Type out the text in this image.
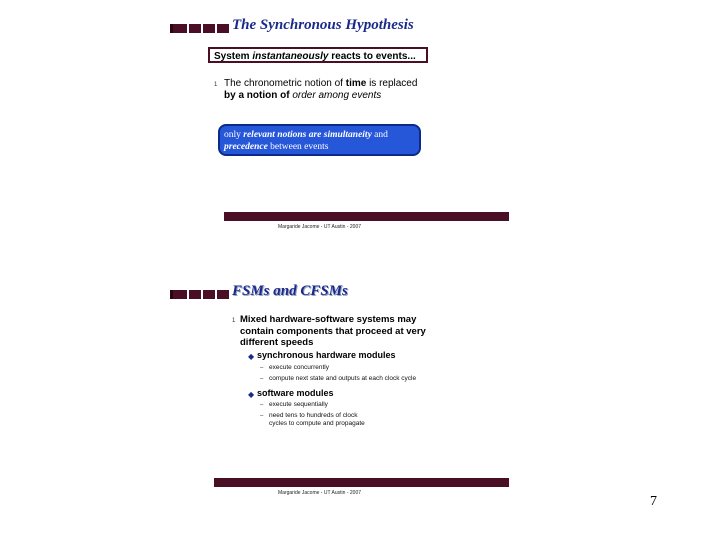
The Synchronous Hypothesis
System instantaneously reacts to events...
1 The chronometric notion of time is replaced
by a notion of order among events
only relevant notions are simultaneity and
precedence between events
Margaride Jacome - UT Austin - 2007
FSMs and CFSMs
1 Mixed hardware-software systems may
contain components that proceed at very
different speeds
◆ synchronous hardware modules
– execute concurrently
– compute next state and outputs at each clock cycle
◆ software modules
– execute sequentially
– need tens to hundreds of clock
cycles to compute and propagate
Margaride Jacome - UT Austin - 2007
7
